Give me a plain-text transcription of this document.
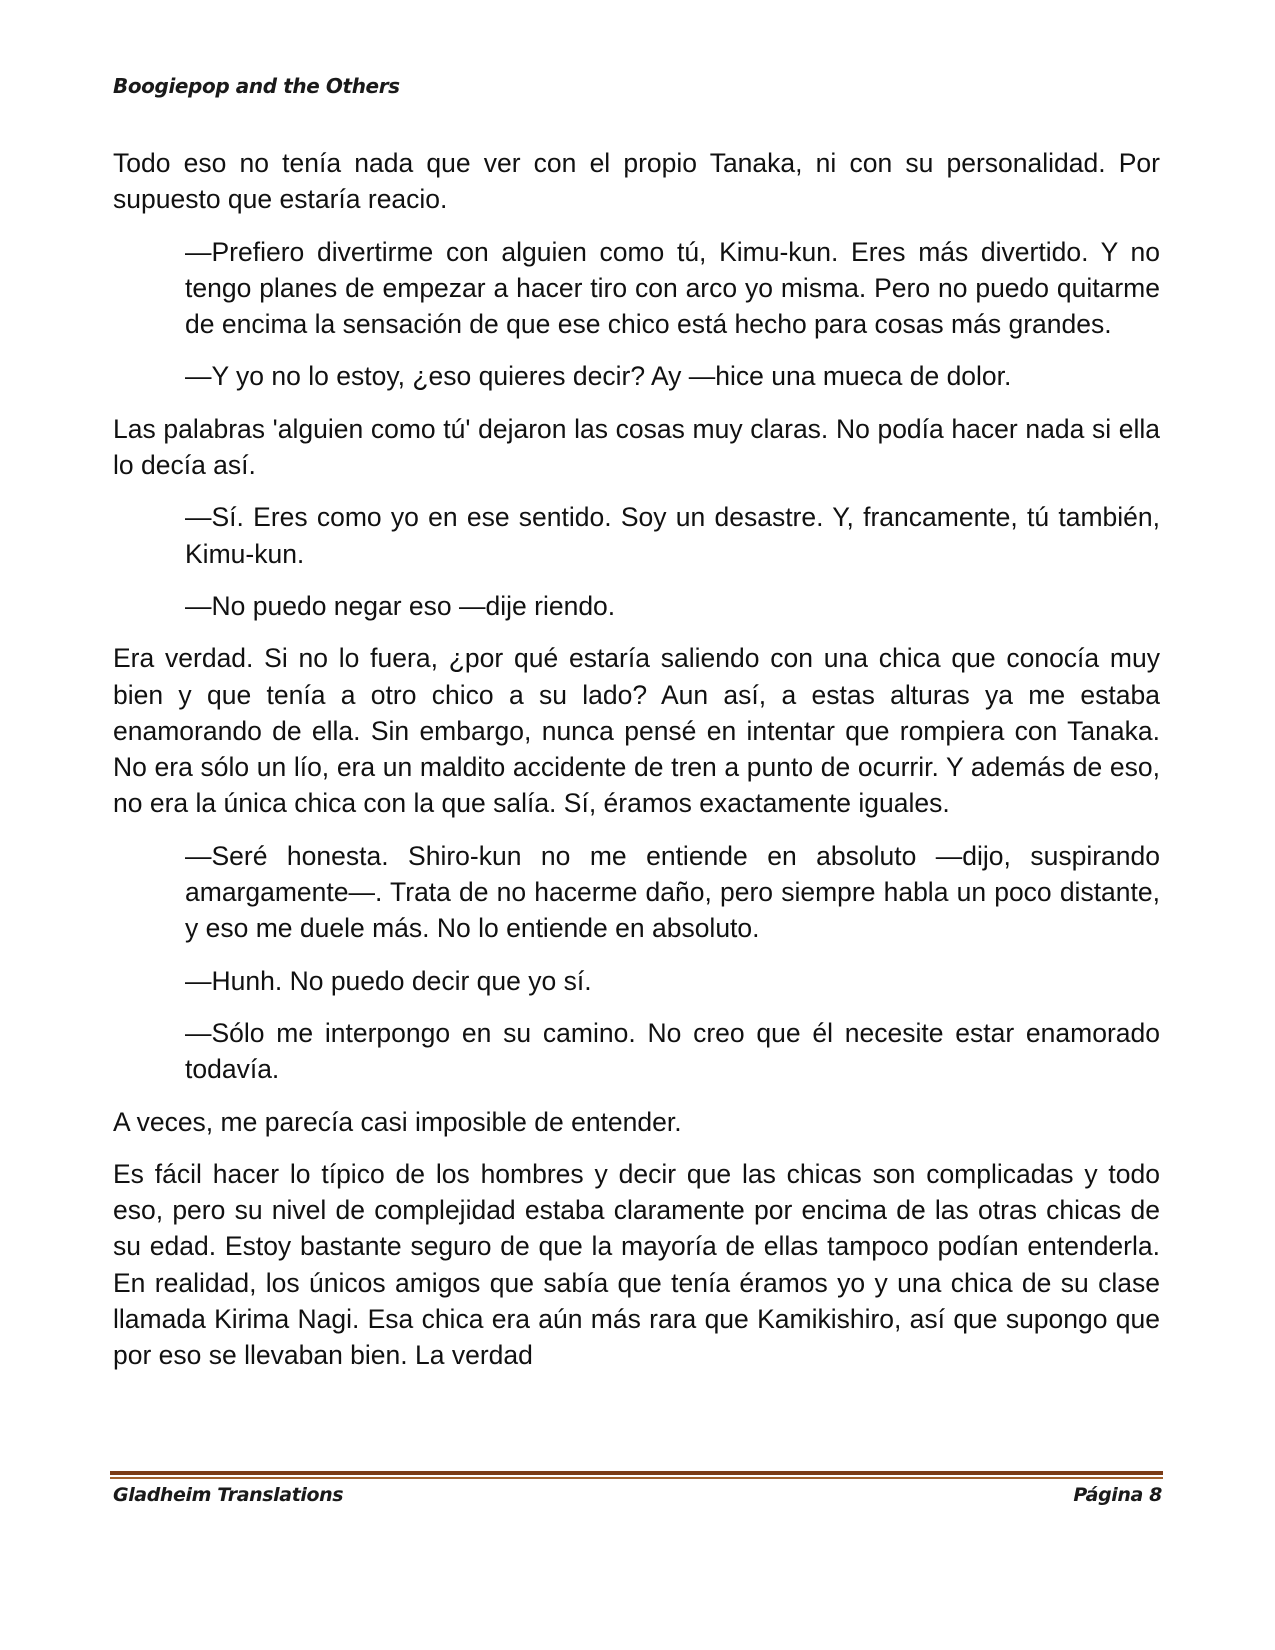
Boogiepop and the Others

Todo eso no tenía nada que ver con el propio Tanaka, ni con su personalidad. Por supuesto que estaría reacio.

—Prefiero divertirme con alguien como tú, Kimu-kun. Eres más divertido. Y no tengo planes de empezar a hacer tiro con arco yo misma. Pero no puedo quitarme de encima la sensación de que ese chico está hecho para cosas más grandes.

—Y yo no lo estoy, ¿eso quieres decir? Ay —hice una mueca de dolor.

Las palabras 'alguien como tú' dejaron las cosas muy claras. No podía hacer nada si ella lo decía así.

—Sí. Eres como yo en ese sentido. Soy un desastre. Y, francamente, tú también, Kimu-kun.

—No puedo negar eso —dije riendo.

Era verdad. Si no lo fuera, ¿por qué estaría saliendo con una chica que conocía muy bien y que tenía a otro chico a su lado? Aun así, a estas alturas ya me estaba enamorando de ella. Sin embargo, nunca pensé en intentar que rompiera con Tanaka. No era sólo un lío, era un maldito accidente de tren a punto de ocurrir. Y además de eso, no era la única chica con la que salía. Sí, éramos exactamente iguales.

—Seré honesta. Shiro-kun no me entiende en absoluto —dijo, suspirando amargamente—. Trata de no hacerme daño, pero siempre habla un poco distante, y eso me duele más. No lo entiende en absoluto.

—Hunh. No puedo decir que yo sí.

—Sólo me interpongo en su camino. No creo que él necesite estar enamorado todavía.

A veces, me parecía casi imposible de entender.

Es fácil hacer lo típico de los hombres y decir que las chicas son complicadas y todo eso, pero su nivel de complejidad estaba claramente por encima de las otras chicas de su edad. Estoy bastante seguro de que la mayoría de ellas tampoco podían entenderla. En realidad, los únicos amigos que sabía que tenía éramos yo y una chica de su clase llamada Kirima Nagi. Esa chica era aún más rara que Kamikishiro, así que supongo que por eso se llevaban bien. La verdad

Gladheim Translations	Página 8
